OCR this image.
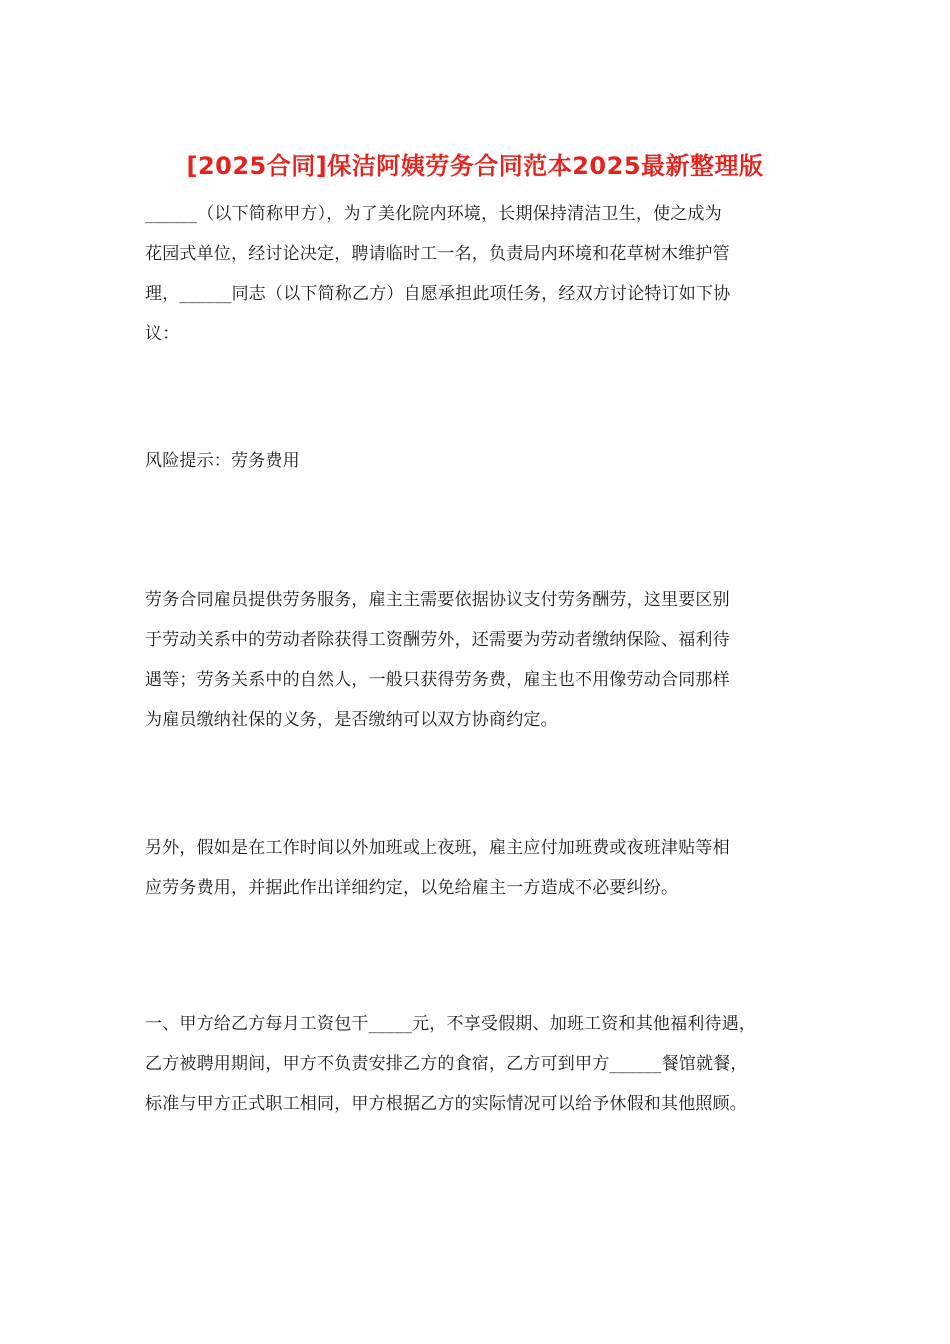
[2025合同]保洁阿姨劳务合同范本2025最新整理版
______（以下简称甲方），为了美化院内环境，长期保持清洁卫生，使之成为
花园式单位，经讨论决定，聘请临时工一名，负责局内环境和花草树木维护管
理，______同志（以下简称乙方）自愿承担此项任务，经双方讨论特订如下协
议：
风险提示：劳务费用
劳务合同雇员提供劳务服务，雇主主需要依据协议支付劳务酬劳，这里要区别
于劳动关系中的劳动者除获得工资酬劳外，还需要为劳动者缴纳保险、福利待
遇等；劳务关系中的自然人，一般只获得劳务费，雇主也不用像劳动合同那样
为雇员缴纳社保的义务，是否缴纳可以双方协商约定。
另外，假如是在工作时间以外加班或上夜班，雇主应付加班费或夜班津贴等相
应劳务费用，并据此作出详细约定，以免给雇主一方造成不必要纠纷。
一、甲方给乙方每月工资包干_____元，不享受假期、加班工资和其他福利待遇，
乙方被聘用期间，甲方不负责安排乙方的食宿，乙方可到甲方______餐馆就餐，
标准与甲方正式职工相同，甲方根据乙方的实际情况可以给予休假和其他照顾。
